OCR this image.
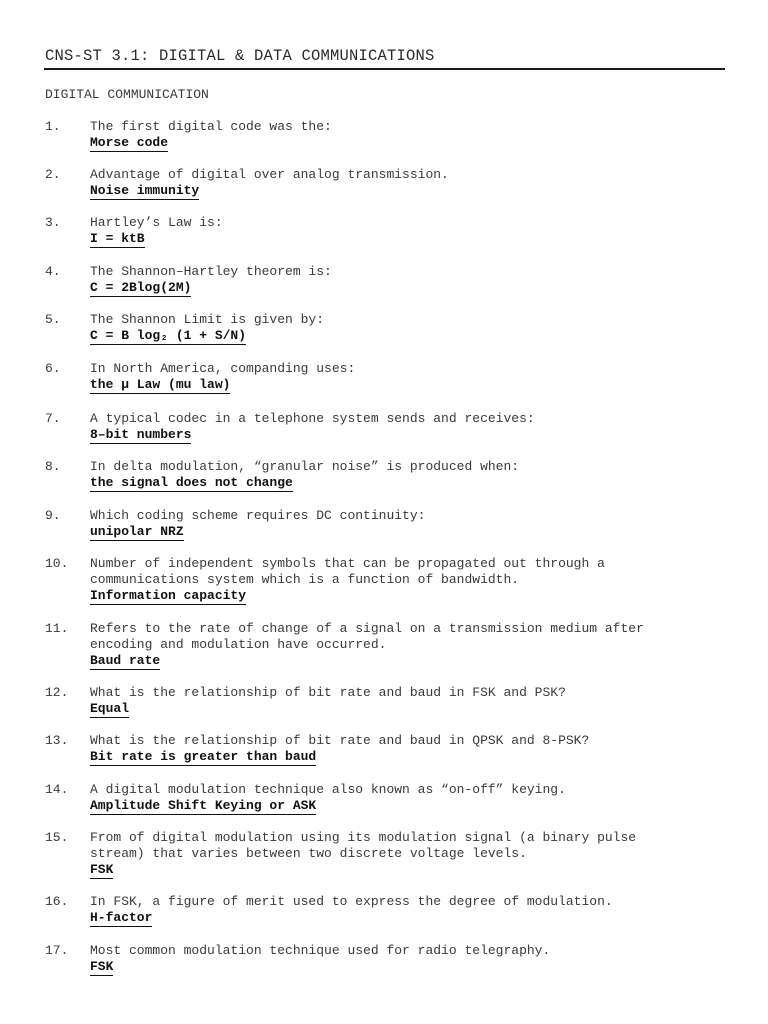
CNS-ST 3.1: DIGITAL & DATA COMMUNICATIONS
DIGITAL COMMUNICATION
1. The first digital code was the:
Morse code
2. Advantage of digital over analog transmission.
Noise immunity
3. Hartley’s Law is:
I = ktB
4. The Shannon–Hartley theorem is:
C = 2Blog(2M)
5. The Shannon Limit is given by:
C = B log₂ (1 + S/N)
6. In North America, companding uses:
the µ Law (mu law)
7. A typical codec in a telephone system sends and receives:
8–bit numbers
8. In delta modulation, “granular noise” is produced when:
the signal does not change
9. Which coding scheme requires DC continuity:
unipolar NRZ
10. Number of independent symbols that can be propagated out through a
communications system which is a function of bandwidth.
Information capacity
11. Refers to the rate of change of a signal on a transmission medium after
encoding and modulation have occurred.
Baud rate
12. What is the relationship of bit rate and baud in FSK and PSK?
Equal
13. What is the relationship of bit rate and baud in QPSK and 8-PSK?
Bit rate is greater than baud
14. A digital modulation technique also known as “on-off” keying.
Amplitude Shift Keying or ASK
15. From of digital modulation using its modulation signal (a binary pulse
stream) that varies between two discrete voltage levels.
FSK
16. In FSK, a figure of merit used to express the degree of modulation.
H-factor
17. Most common modulation technique used for radio telegraphy.
FSK
